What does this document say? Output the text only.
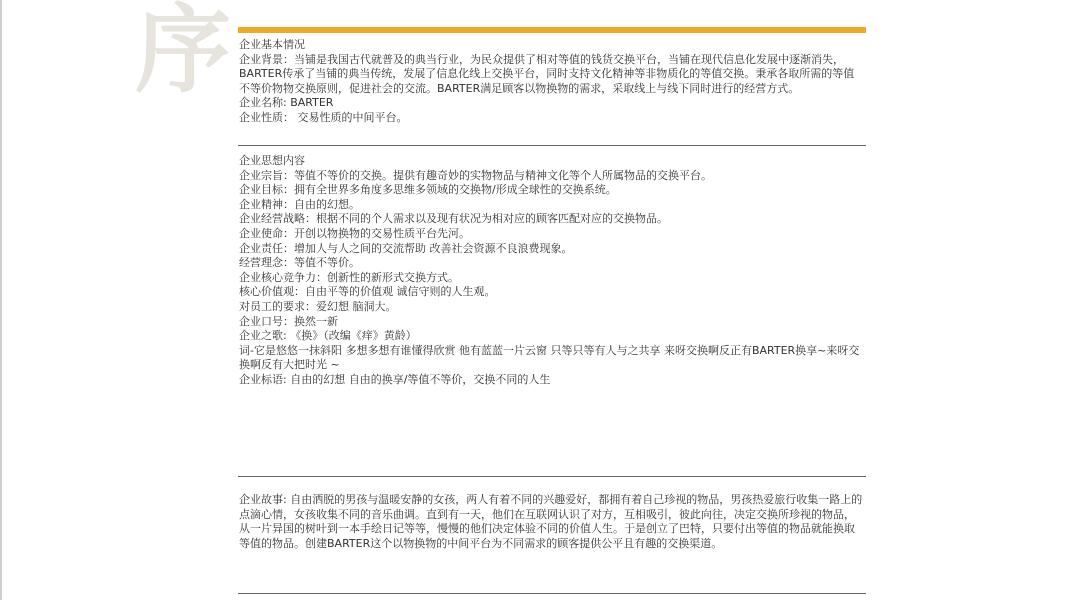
序 企业基本情况

企业背景：当铺是我国古代就普及的典当行业，为民众提供了相对等值的钱货交换平台，当铺在现代信息化发展中逐渐消失，BARTER传承了当铺的典当传统，发展了信息化线上交换平台，同时支持文化精神等非物质化的等值交换。秉承各取所需的等值不等价物物交换原则，促进社会的交流。BARTER满足顾客以物换物的需求，采取线上与线下同时进行的经营方式。

企业名称: BARTER

企业性质： 交易性质的中间平台。

企业思想内容

企业宗旨：等值不等价的交换。提供有趣奇妙的实物物品与精神文化等个人所属物品的交换平台。

企业目标：拥有全世界多角度多思维多领域的交换物/形成全球性的交换系统。

企业精神：自由的幻想。

企业经营战略：根据不同的个人需求以及现有状况为相对应的顾客匹配对应的交换物品。

企业使命：开创以物换物的交易性质平台先河。

企业责任：增加人与人之间的交流帮助 改善社会资源不良浪费现象。

经营理念：等值不等价。

企业核心竞争力：创新性的新形式交换方式。

核心价值观：自由平等的价值观 诚信守则的人生观。

对员工的要求：爱幻想 脑洞大。

企业口号：换然一新

企业之歌: 《换》（改编《痒》黄龄）

词-它是悠悠一抹斜阳 多想多想有谁懂得欣赏 他有蓝蓝一片云窗 只等只等有人与之共享 来呀交换啊反正有BARTER换享~来呀交换啊反有大把时光 ~

企业标语: 自由的幻想 自由的换享/等值不等价，交换不同的人生

企业故事: 自由洒脱的男孩与温暖安静的女孩，两人有着不同的兴趣爱好，都拥有着自己珍视的物品，男孩热爱旅行收集一路上的点滴心情，女孩收集不同的音乐曲调。直到有一天，他们在互联网认识了对方，互相吸引，彼此向往，决定交换所珍视的物品，从一片异国的树叶到一本手绘日记等等，慢慢的他们决定体验不同的价值人生。于是创立了巴特，只要付出等值的物品就能换取等值的物品。创建BARTER这个以物换物的中间平台为不同需求的顾客提供公平且有趣的交换渠道。
